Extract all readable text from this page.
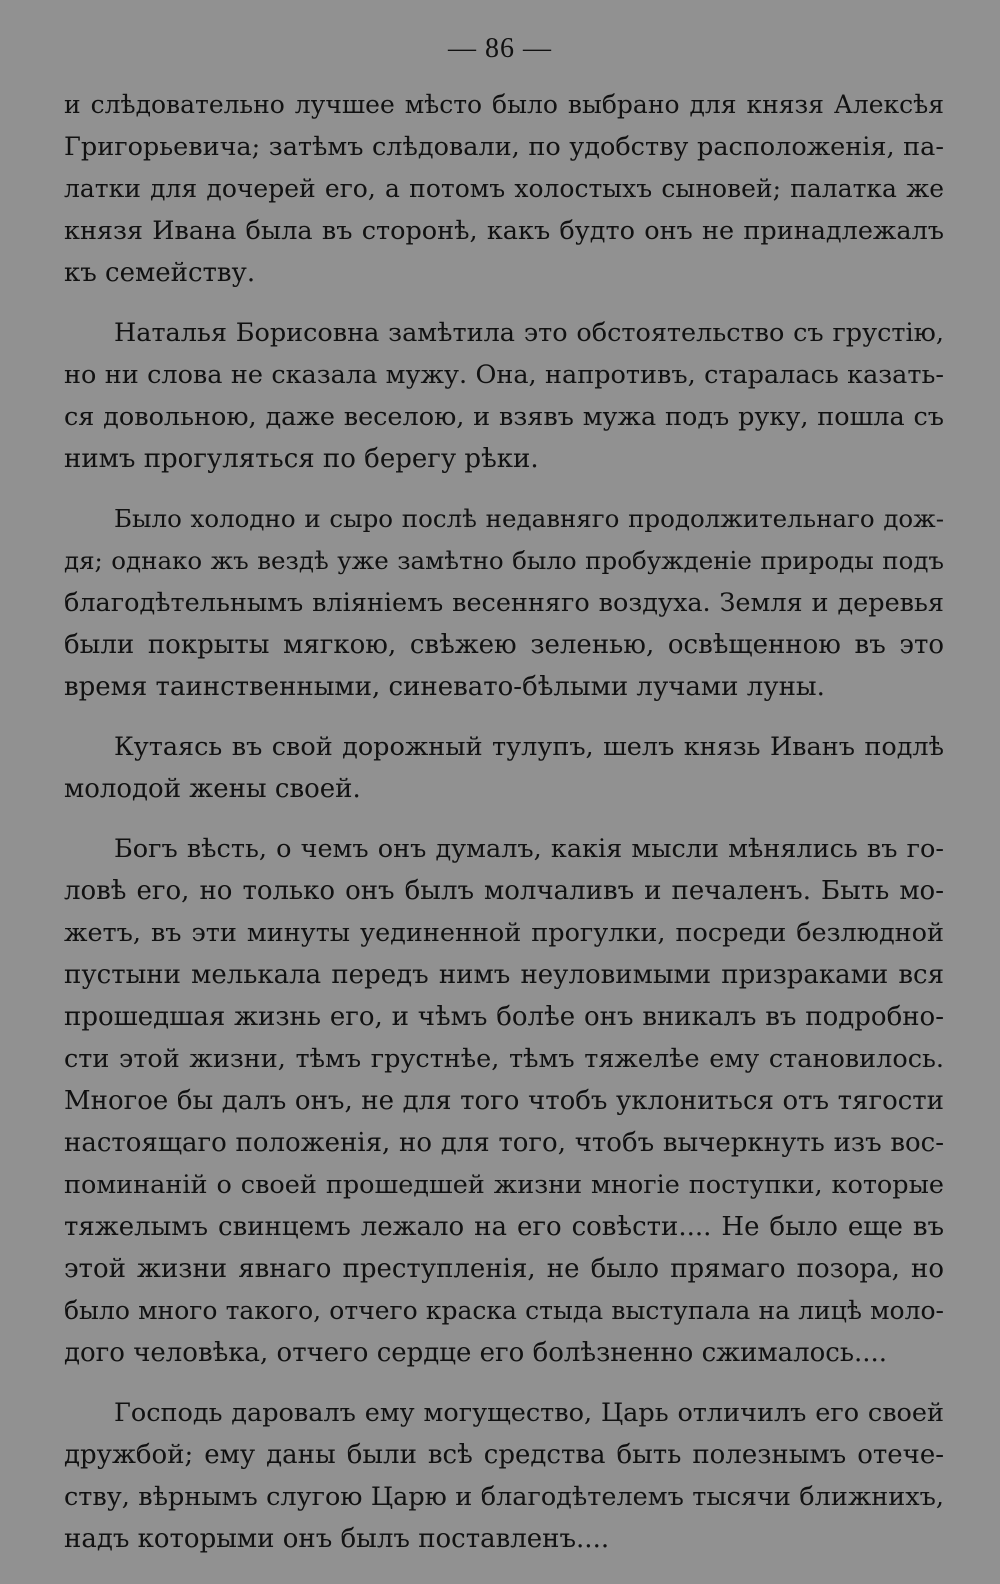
— 86 —

и слѣдовательно лучшее мѣсто было выбрано для князя Алексѣя
Григорьевича; затѣмъ слѣдовали, по удобству расположенія, па-
латки для дочерей его, а потомъ холостыхъ сыновей; палатка же
князя Ивана была въ сторонѣ, какъ будто онъ не принадлежалъ
къ семейству.

Наталья Борисовна замѣтила это обстоятельство съ грустію,
но ни слова не сказала мужу. Она, напротивъ, старалась казать-
ся довольною, даже веселою, и взявъ мужа подъ руку, пошла съ
нимъ прогуляться по берегу рѣки.

Было холодно и сыро послѣ недавняго продолжительнаго дож-
дя; однако жъ вездѣ уже замѣтно было пробужденіе природы подъ
благодѣтельнымъ вліяніемъ весенняго воздуха. Земля и деревья
были покрыты мягкою, свѣжею зеленью, освѣщенною въ это
время таинственными, синевато-бѣлыми лучами луны.

Кутаясь въ свой дорожный тулупъ, шелъ князь Иванъ подлѣ
молодой жены своей.

Богъ вѣсть, о чемъ онъ думалъ, какія мысли мѣнялись въ го-
ловѣ его, но только онъ былъ молчаливъ и печаленъ. Быть мо-
жетъ, въ эти минуты уединенной прогулки, посреди безлюдной
пустыни мелькала передъ нимъ неуловимыми призраками вся
прошедшая жизнь его, и чѣмъ болѣе онъ вникалъ въ подробно-
сти этой жизни, тѣмъ грустнѣе, тѣмъ тяжелѣе ему становилось.
Многое бы далъ онъ, не для того чтобъ уклониться отъ тягости
настоящаго положенія, но для того, чтобъ вычеркнуть изъ вос-
поминаній о своей прошедшей жизни многіе поступки, которые
тяжелымъ свинцемъ лежало на его совѣсти.... Не было еще въ
этой жизни явнаго преступленія, не было прямаго позора, но
было много такого, отчего краска стыда выступала на лицѣ моло-
дого человѣка, отчего сердце его болѣзненно сжималось....

Господь даровалъ ему могущество, Царь отличилъ его своей
дружбой; ему даны были всѣ средства быть полезнымъ отече-
ству, вѣрнымъ слугою Царю и благодѣтелемъ тысячи ближнихъ,
надъ которыми онъ былъ поставленъ....
